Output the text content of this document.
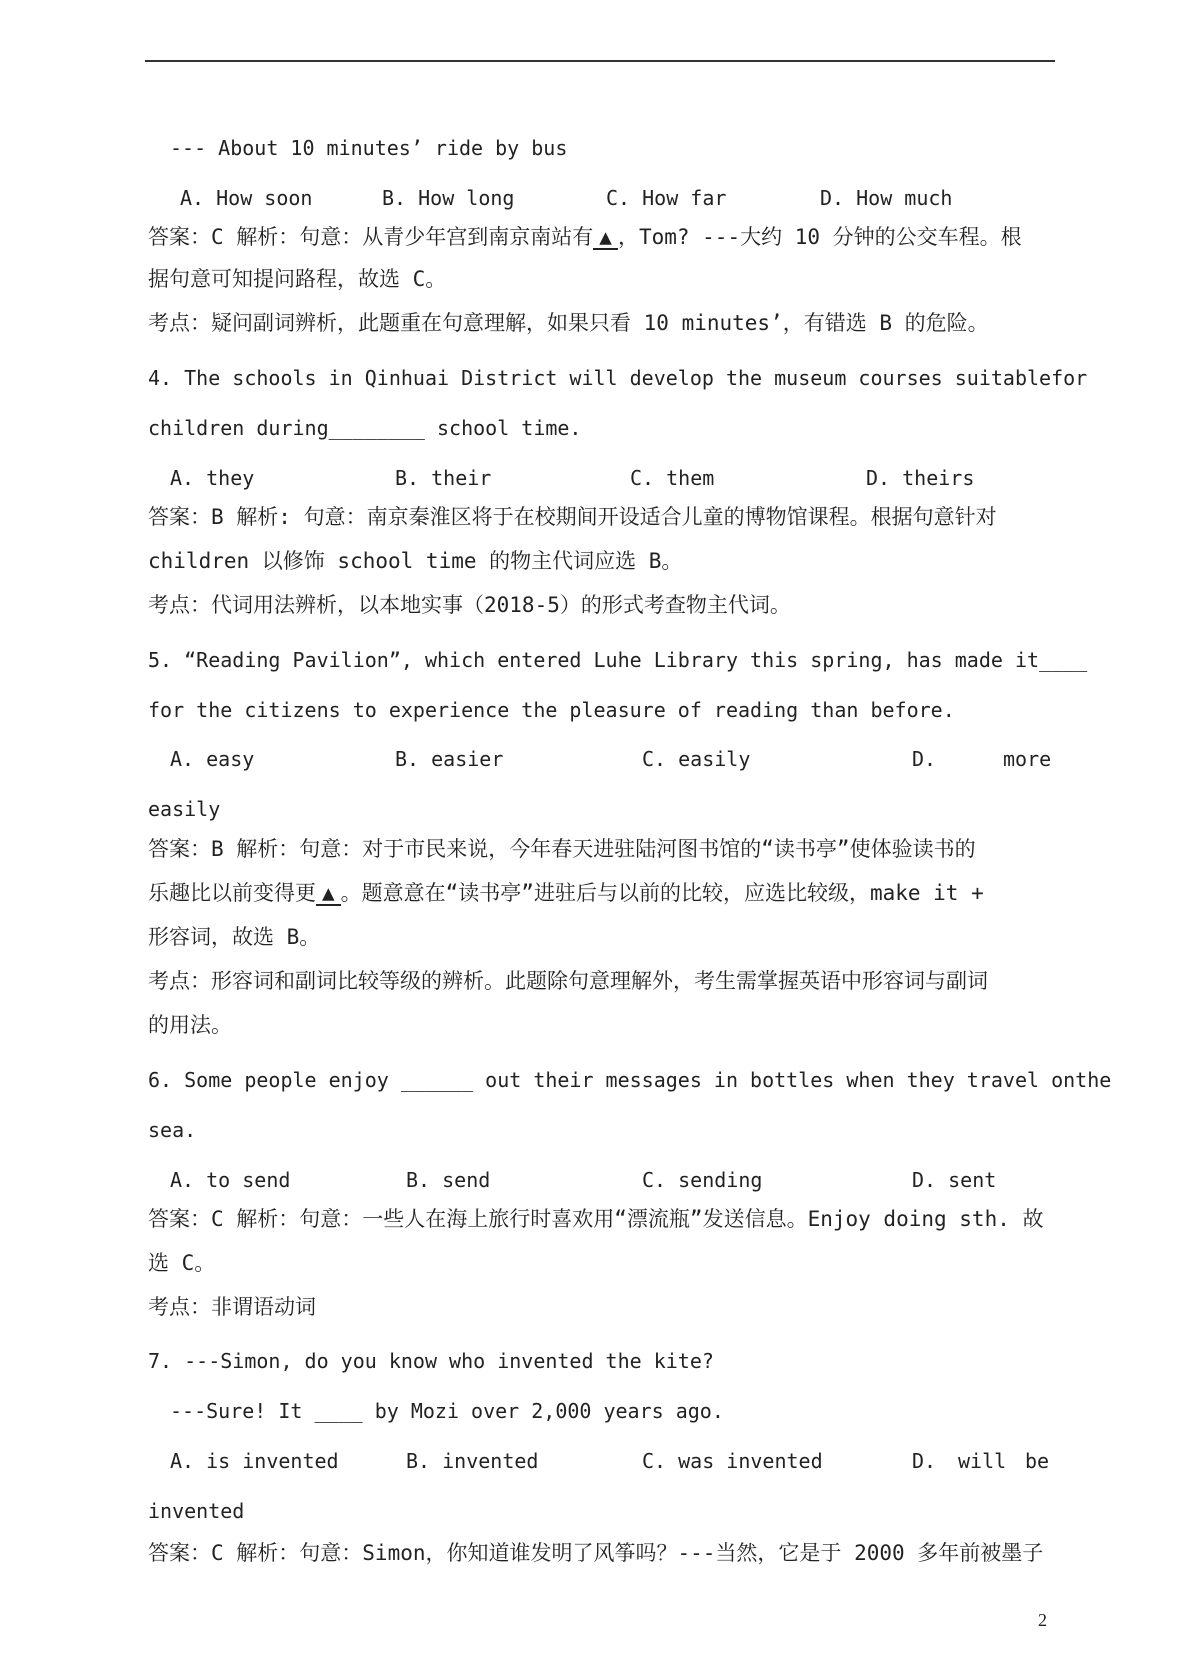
--- About 10 minutes’ ride by bus
A. How soon	B. How long	C. How far	D. How much
答案：C 解析：句意：从青少年宫到南京南站有 ▲ ，Tom? ---大约 10 分钟的公交车程。根
据句意可知提问路程，故选 C。
考点：疑问副词辨析，此题重在句意理解，如果只看 10 minutes’，有错选 B 的危险。
4. The schools in Qinhuai District will develop the museum courses suitable for
children during________ school time.
A. they	B. their	C. them	D. theirs
答案：B 解析: 句意：南京秦淮区将于在校期间开设适合儿童的博物馆课程。根据句意针对
children 以修饰 school time 的物主代词应选 B。
考点：代词用法辨析，以本地实事（2018-5）的形式考查物主代词。
5. “Reading Pavilion”, which entered Luhe Library this spring, has made it ____
for the citizens to experience the pleasure of reading than before.
A. easy	B. easier	C. easily	D.	more
easily
答案：B 解析：句意：对于市民来说，今年春天进驻陆河图书馆的“读书亭”使体验读书的
乐趣比以前变得更 ▲ 。题意意在“读书亭”进驻后与以前的比较，应选比较级，make it +
形容词，故选 B。
考点：形容词和副词比较等级的辨析。此题除句意理解外，考生需掌握英语中形容词与副词
的用法。
6. Some people enjoy ______ out their messages in bottles when they travel on the
sea.
A. to send	B. send	C. sending	D. sent
答案：C 解析：句意：一些人在海上旅行时喜欢用“漂流瓶”发送信息。Enjoy doing sth. 故
选 C。
考点：非谓语动词
7. ---Simon, do you know who invented the kite?
---Sure! It ____ by Mozi over 2,000 years ago.
A. is invented	B. invented	C. was invented	D. will be
invented
答案：C 解析：句意：Simon，你知道谁发明了风筝吗？---当然，它是于 2000 多年前被墨子
2
